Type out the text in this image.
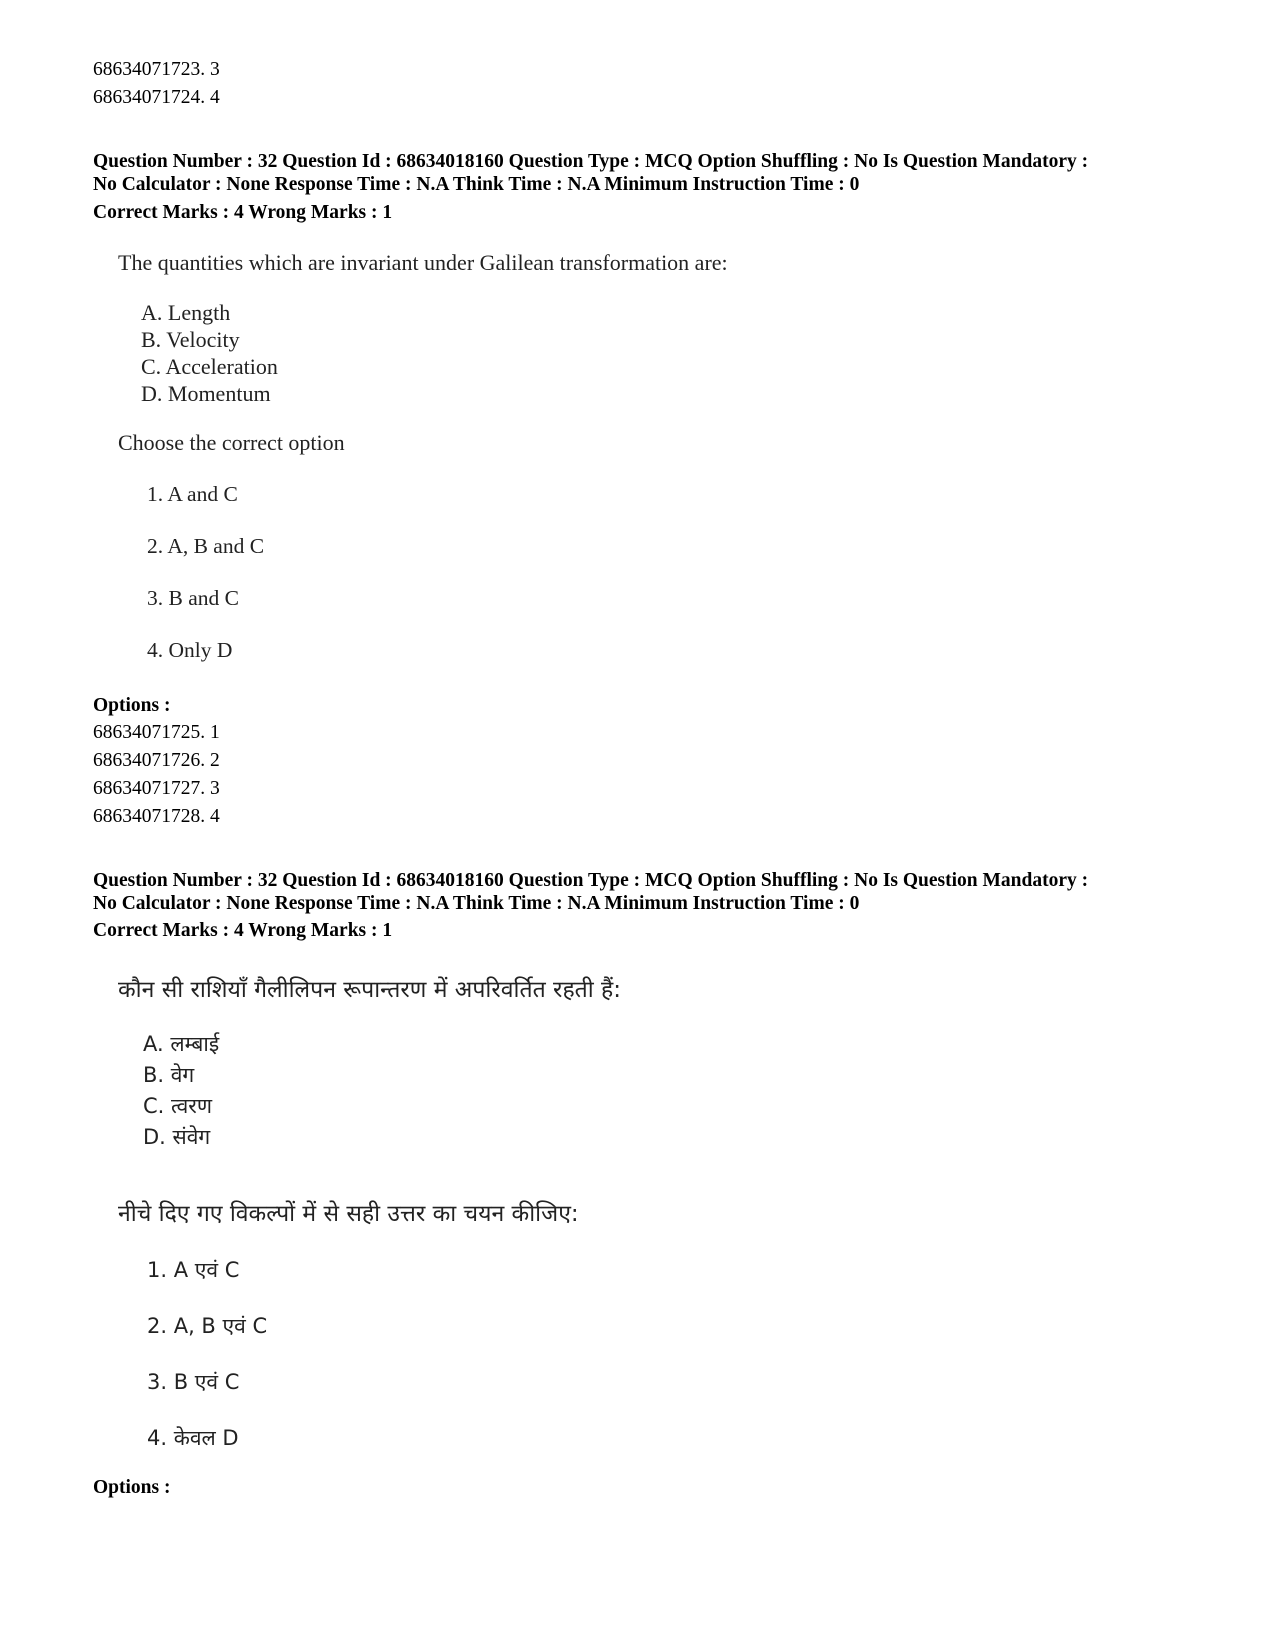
68634071723. 3
68634071724. 4
Question Number : 32 Question Id : 68634018160 Question Type : MCQ Option Shuffling : No Is Question Mandatory :
No Calculator : None Response Time : N.A Think Time : N.A Minimum Instruction Time : 0
Correct Marks : 4 Wrong Marks : 1
The quantities which are invariant under Galilean transformation are:
A. Length
B. Velocity
C. Acceleration
D. Momentum
Choose the correct option
1. A and C
2. A, B and C
3. B and C
4. Only D
Options :
68634071725. 1
68634071726. 2
68634071727. 3
68634071728. 4
Question Number : 32 Question Id : 68634018160 Question Type : MCQ Option Shuffling : No Is Question Mandatory :
No Calculator : None Response Time : N.A Think Time : N.A Minimum Instruction Time : 0
Correct Marks : 4 Wrong Marks : 1
कौन सी राशियाँ गैलीलिपन रूपान्तरण में अपरिवर्तित रहती हैं:
A. लम्बाई
B. वेग
C. त्वरण
D. संवेग
नीचे दिए गए विकल्पों में से सही उत्तर का चयन कीजिए:
1. A एवं C
2. A, B एवं C
3. B एवं C
4. केवल D
Options :
